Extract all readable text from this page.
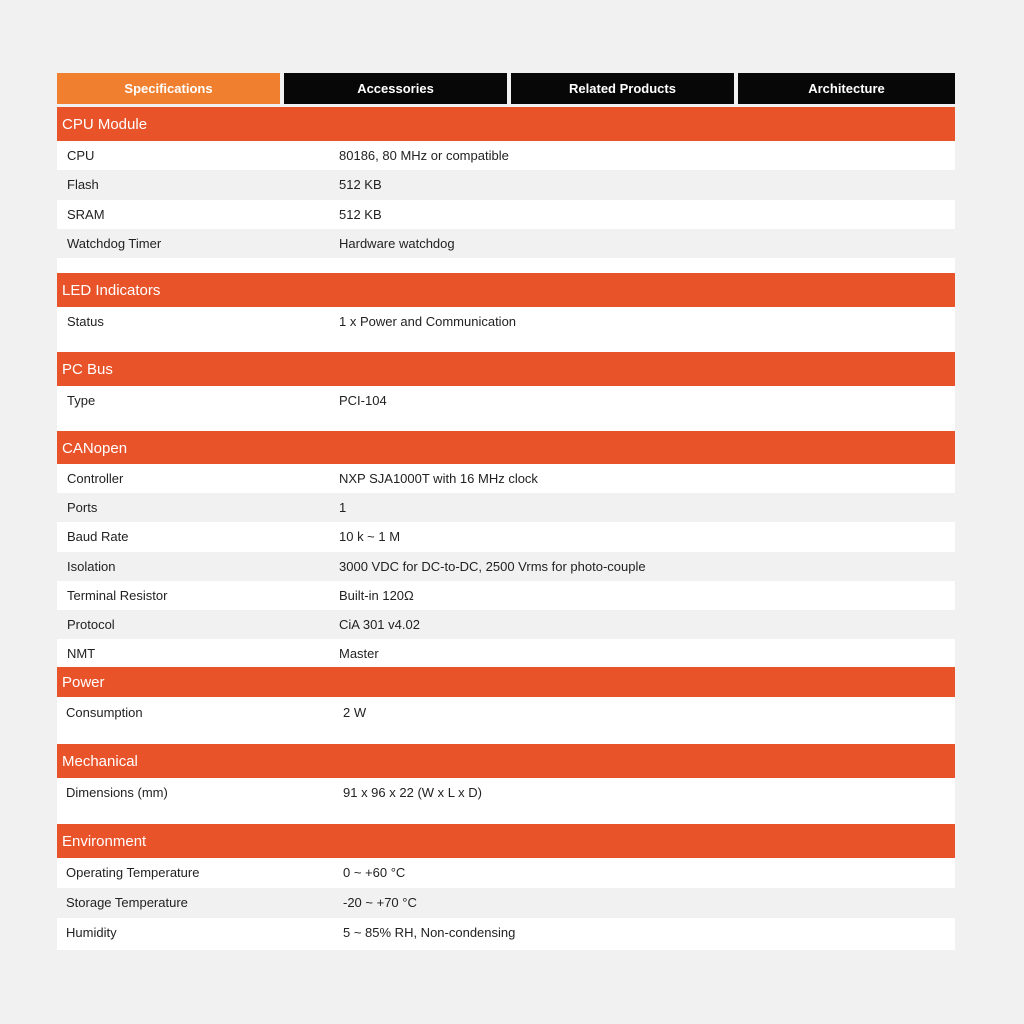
Specifications	Accessories	Related Products	Architecture
CPU Module
CPU	80186, 80 MHz or compatible
Flash	512 KB
SRAM	512 KB
Watchdog Timer	Hardware watchdog
LED Indicators
Status	1 x Power and Communication
PC Bus
Type	PCI-104
CANopen
Controller	NXP SJA1000T with 16 MHz clock
Ports	1
Baud Rate	10 k ~ 1 M
Isolation	3000 VDC for DC-to-DC, 2500 Vrms for photo-couple
Terminal Resistor	Built-in 120Ω
Protocol	CiA 301 v4.02
NMT	Master
Power
Consumption	2 W
Mechanical
Dimensions (mm)	91 x 96 x 22 (W x L x D)
Environment
Operating Temperature	0 ~ +60 °C
Storage Temperature	-20 ~ +70 °C
Humidity	5 ~ 85% RH, Non-condensing
